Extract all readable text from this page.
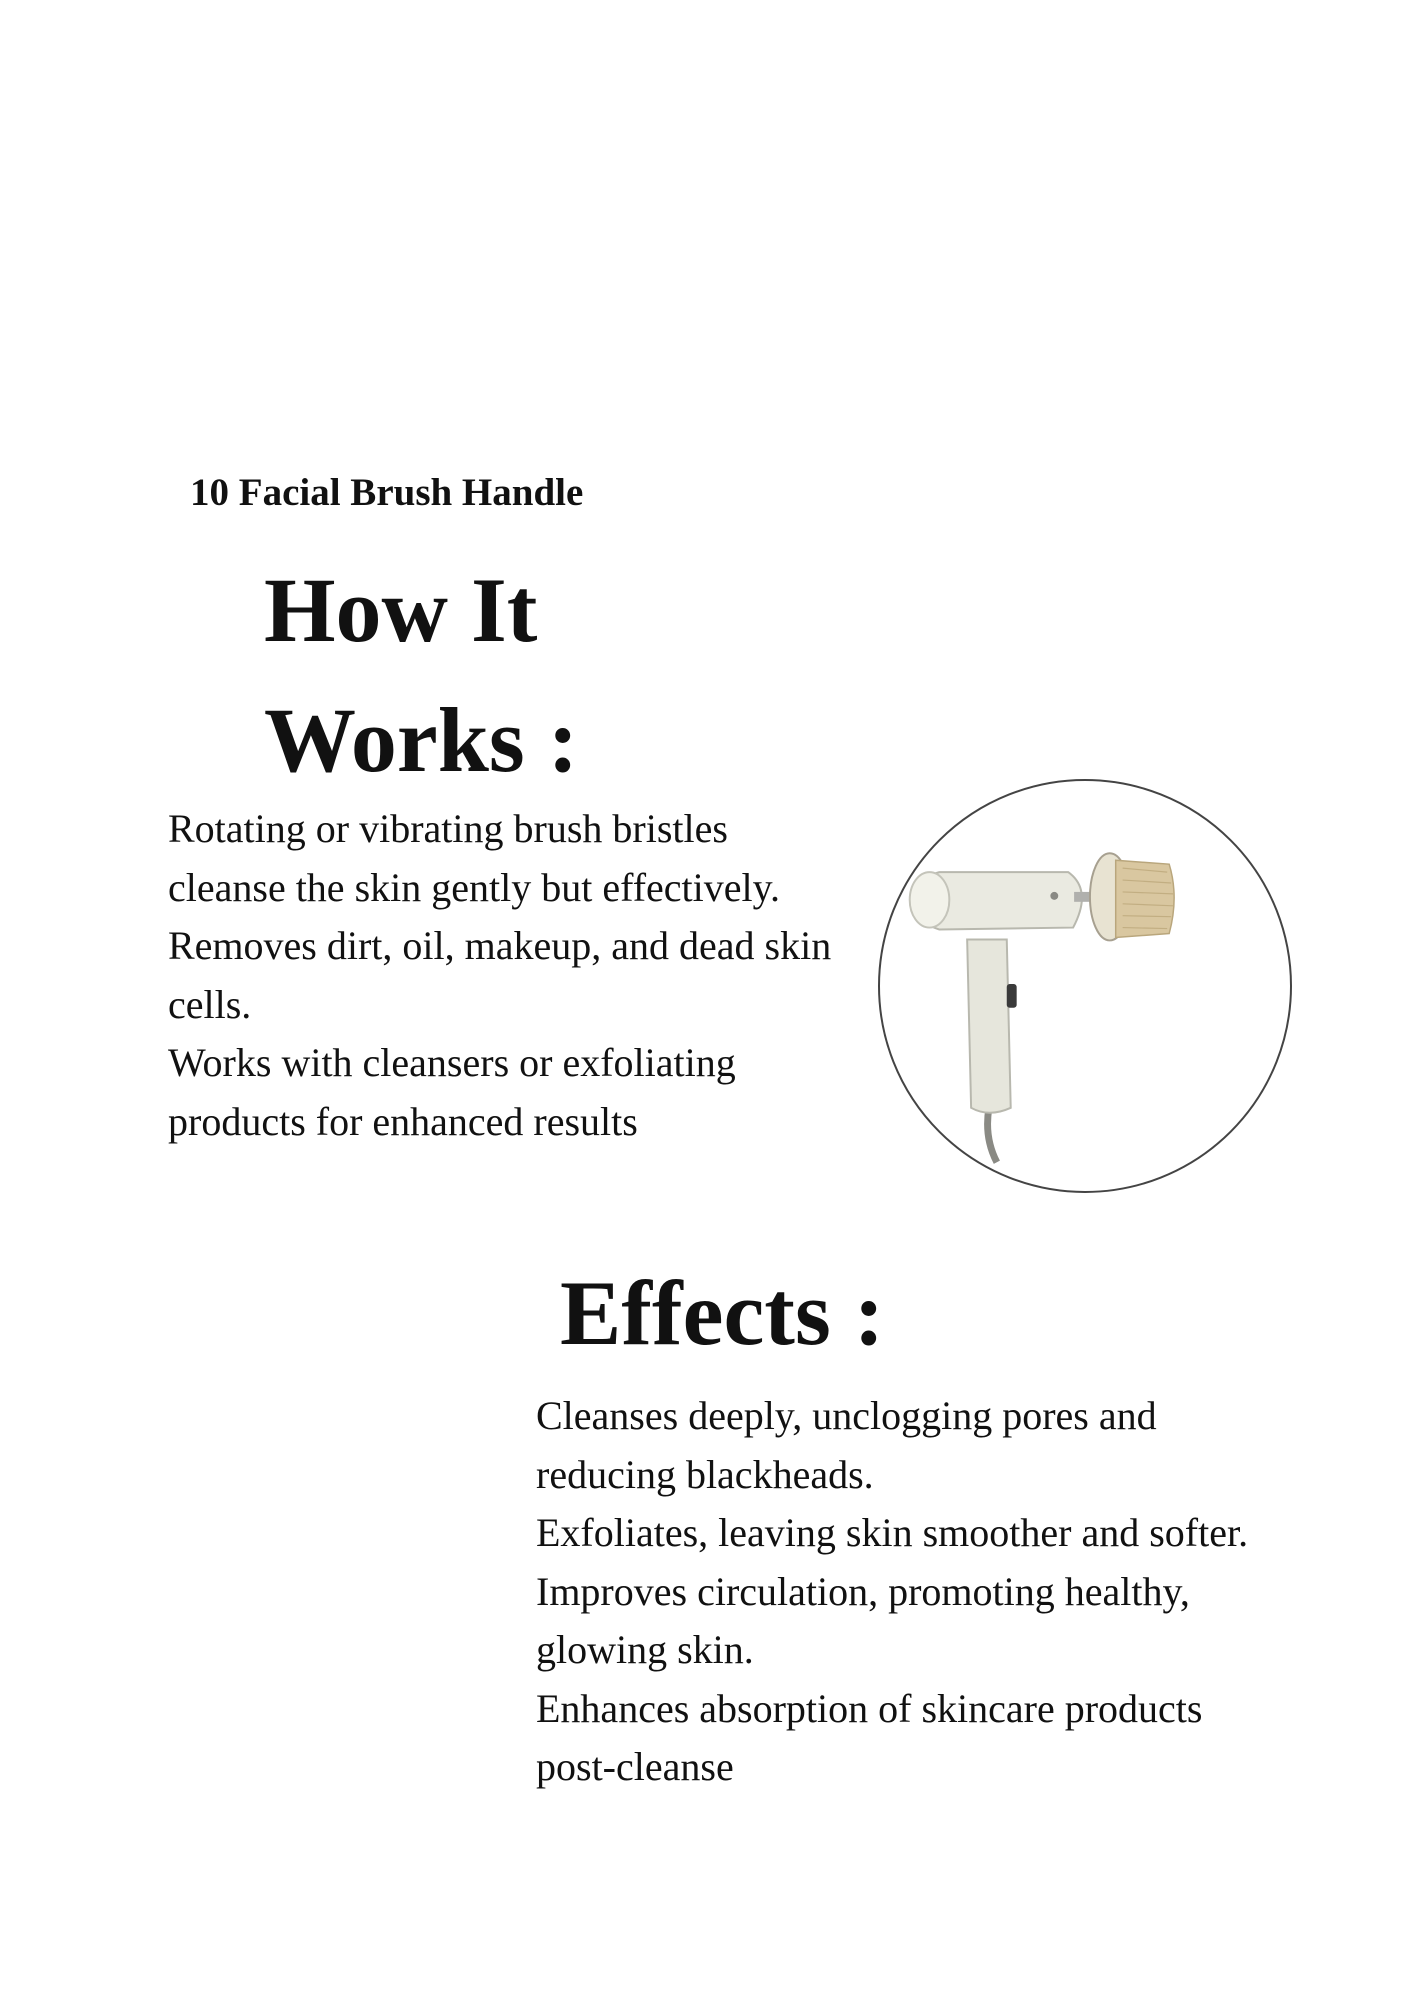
10 Facial Brush Handle
How It
Works :

Rotating or vibrating brush bristles cleanse the skin gently but effectively.

Removes dirt, oil, makeup, and dead skin cells.

Works with cleansers or exfoliating products for enhanced results

Effects :

Cleanses deeply, unclogging pores and reducing blackheads.

Exfoliates, leaving skin smoother and softer.

Improves circulation, promoting healthy, glowing skin.

Enhances absorption of skincare products post-cleanse
